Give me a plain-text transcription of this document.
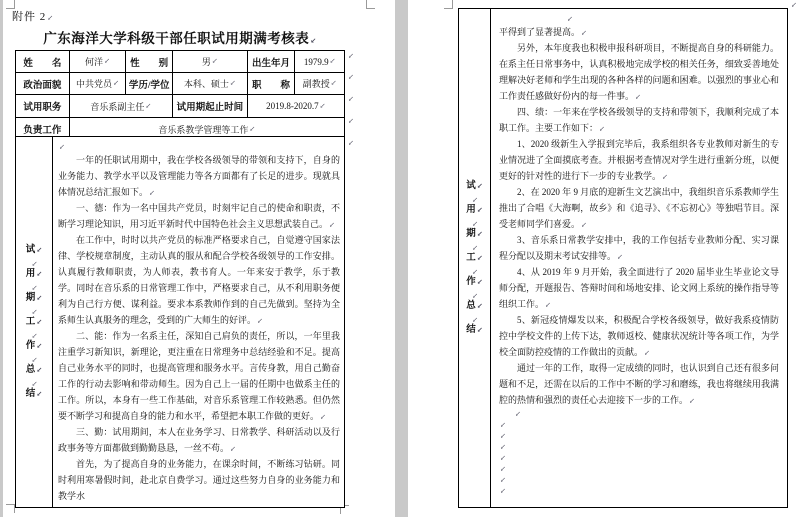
附件 2↙
广东海洋大学科级干部任职试用期满考核表↙
姓　　名	何洋 ↙ 性　　别	男 ↙	出生年月 1979.9 ↙
政治面貌 中共党员 ↙ 学历/学位 本科、硕士 ↙ 职　　称 副教授 ↙
试用职务	音乐系副主任 ↙	试用期起止时间	2019.8-2020.7 ↙
负责工作	音乐系教学管理等工作 ↙
↙
↙
↙
↙
↙
试↙
↙
用↙
↙
期↙
↙
工↙
↙
作↙
↙
总↙
↙
结↙
↙
一年的任职试用期中，我在学校各级领导的带领和支持下，自身的业务能力、教学水平以及管理能力等各方面都有了长足的进步。现就具体情况总结汇报如下。↙
一、德：作为一名中国共产党员，时刻牢记自己的使命和职责，不断学习理论知识，用习近平新时代中国特色社会主义思想武装自己。↙
在工作中，时时以共产党员的标准严格要求自己，自觉遵守国家法律、学校规章制度，主动认真的服从和配合学校各级领导的工作安排。认真履行教师职责，为人师表，教书育人。一年来安于教学，乐于教学。同时在音乐系的日常管理工作中，严格要求自己，从不利用职务便利为自己行方便、谋利益。要求本系教师作到的自己先做到。坚持为全系师生认真服务的理念，受到的广大师生的好评。↙
二、能：作为一名系主任，深知自己肩负的责任，所以，一年里我注重学习新知识，新理论，更注重在日常理务中总结经验和不足。提高自己业务水平的同时，也提高管理和服务水平。言传身教，用自己勤奋工作的行动去影响和带动师生。因为自己上一届的任期中也做系主任的工作。所以，本身有一些工作基础，对音乐系管理工作较熟悉。但仍然要不断学习和提高自身的能力和水平，希望把本职工作做的更好。↙
三、勤：试用期间，本人在业务学习、日常教学、科研活动以及行政事务等方面都做到勤勤恳恳，一丝不苟。↙
首先，为了提高自身的业务能力，在课余时间，不断练习钻研。同时利用寒暑假时间，赴北京自费学习。通过这些努力自身的业务能力和教学水
↙
试↙
↙
用↙
↙
期↙
↙
工↙
↙
作↙
↙
总↙
↙
结↙
↙
平得到了显著提高。↙
另外，本年度我也积极申报科研项目，不断提高自身的科研能力。在系主任日常事务中，认真积极地完成学校的相关任务，细致妥善地处理解决好老师和学生出现的各种各样的问题和困难。以强烈的事业心和工作责任感做好份内的每一件事。↙
四、绩：一年来在学校各级领导的支持和带领下，我顺利完成了本职工作。主要工作如下：↙
1、2020 级新生入学报到完毕后，我系组织各专业教师对新生的专业情况进了全面摸底考查。并根据考查情况对学生进行重新分班，以便更好的针对性的进行下一步的专业教学。↙
2、在 2020 年 9 月底的迎新生文艺演出中，我组织音乐系教师学生推出了合唱《大海啊，故乡》和《追寻》、《不忘初心》等独唱节目。深受老师同学们喜爱。↙
3、音乐系日常教学安排中，我的工作包括专业教师分配、实习课程分配以及期末考试安排等。↙
4、从 2019 年 9 月开始，我全面进行了 2020 届毕业生毕业论文导师分配，开题报告、答辩时间和场地安排、论文网上系统的操作指导等组织工作。↙
5、新冠疫情爆发以来，积极配合学校各级领导，做好我系疫情防控中学校文件的上传下达，教师返校、健康状况统计等各项工作，为学校全面防控疫情的工作做出的贡献。↙
通过一年的工作，取得一定成绩的同时，也认识到自己还有很多问题和不足，还需在以后的工作中不断的学习和磨练，我也将继续用我满腔的热情和强烈的责任心去迎接下一步的工作。↙
↙
↙
↙
↙
↙
↙
↙
↙
